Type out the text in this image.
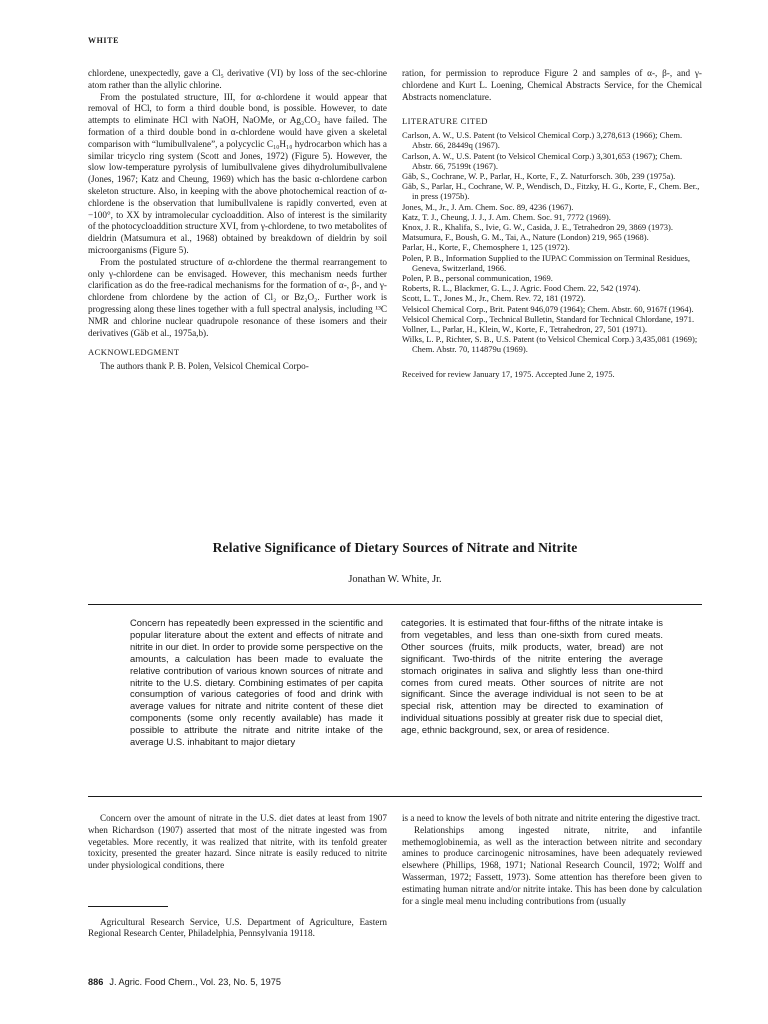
WHITE

chlordene, unexpectedly, gave a Cl₅ derivative (VI) by loss of the sec-chlorine atom rather than the allylic chlorine.

From the postulated structure, III, for α-chlordene it would appear that removal of HCl, to form a third double bond, is possible. However, to date attempts to eliminate HCl with NaOH, NaOMe, or Ag₂CO₃ have failed. The formation of a third double bond in α-chlordene would have given a skeletal comparison with “lumibullvalene”, a polycyclic C₁₀H₁₀ hydrocarbon which has a similar tricyclo ring system (Scott and Jones, 1972) (Figure 5). However, the slow low-temperature pyrolysis of lumibullvalene gives dihydrolumibullvalene (Jones, 1967; Katz and Cheung, 1969) which has the basic α-chlordene carbon skeleton structure. Also, in keeping with the above photochemical reaction of α-chlordene is the observation that lumibullvalene is rapidly converted, even at −100°, to XX by intramolecular cycloaddition. Also of interest is the similarity of the photocycloaddition structure XVI, from γ-chlordene, to two metabolites of dieldrin (Matsumura et al., 1968) obtained by breakdown of dieldrin by soil microorganisms (Figure 5).

From the postulated structure of α-chlordene the thermal rearrangement to only γ-chlordene can be envisaged. However, this mechanism needs further clarification as do the free-radical mechanisms for the formation of α-, β-, and γ-chlordene from chlordene by the action of Cl₂ or Bz₂O₂. Further work is progressing along these lines together with a full spectral analysis, including ¹³C NMR and chlorine nuclear quadrupole resonance of these isomers and their derivatives (Gäb et al., 1975a,b).

ACKNOWLEDGMENT

The authors thank P. B. Polen, Velsicol Chemical Corpo-

ration, for permission to reproduce Figure 2 and samples of α-, β-, and γ-chlordene and Kurt L. Loening, Chemical Abstracts Service, for the Chemical Abstracts nomenclature.

LITERATURE CITED

Carlson, A. W., U.S. Patent (to Velsicol Chemical Corp.) 3,278,613 (1966); Chem. Abstr. 66, 28449q (1967).
Carlson, A. W., U.S. Patent (to Velsicol Chemical Corp.) 3,301,653 (1967); Chem. Abstr. 66, 75199t (1967).
Gäb, S., Cochrane, W. P., Parlar, H., Korte, F., Z. Naturforsch. 30b, 239 (1975a).
Gäb, S., Parlar, H., Cochrane, W. P., Wendisch, D., Fitzky, H. G., Korte, F., Chem. Ber., in press (1975b).
Jones, M., Jr., J. Am. Chem. Soc. 89, 4236 (1967).
Katz, T. J., Cheung, J. J., J. Am. Chem. Soc. 91, 7772 (1969).
Knox, J. R., Khalifa, S., Ivie, G. W., Casida, J. E., Tetrahedron 29, 3869 (1973).
Matsumura, F., Boush, G. M., Tai, A., Nature (London) 219, 965 (1968).
Parlar, H., Korte, F., Chemosphere 1, 125 (1972).
Polen, P. B., Information Supplied to the IUPAC Commission on Terminal Residues, Geneva, Switzerland, 1966.
Polen, P. B., personal communication, 1969.
Roberts, R. L., Blackmer, G. L., J. Agric. Food Chem. 22, 542 (1974).
Scott, L. T., Jones M., Jr., Chem. Rev. 72, 181 (1972).
Velsicol Chemical Corp., Brit. Patent 946,079 (1964); Chem. Abstr. 60, 9167f (1964).
Velsicol Chemical Corp., Technical Bulletin, Standard for Technical Chlordane, 1971.
Vollner, L., Parlar, H., Klein, W., Korte, F., Tetrahedron, 27, 501 (1971).
Wilks, L. P., Richter, S. B., U.S. Patent (to Velsicol Chemical Corp.) 3,435,081 (1969); Chem. Abstr. 70, 114879u (1969).

Received for review January 17, 1975. Accepted June 2, 1975.

Relative Significance of Dietary Sources of Nitrate and Nitrite
Jonathan W. White, Jr.
Concern has repeatedly been expressed in the scientific and popular literature about the extent and effects of nitrate and nitrite in our diet. In order to provide some perspective on the amounts, a calculation has been made to evaluate the relative contribution of various known sources of nitrate and nitrite to the U.S. dietary. Combining estimates of per capita consumption of various categories of food and drink with average values for nitrate and nitrite content of these diet components (some only recently available) has made it possible to attribute the nitrate and nitrite intake of the average U.S. inhabitant to major dietary
categories. It is estimated that four-fifths of the nitrate intake is from vegetables, and less than one-sixth from cured meats. Other sources (fruits, milk products, water, bread) are not significant. Two-thirds of the nitrite entering the average stomach originates in saliva and slightly less than one-third comes from cured meats. Other sources of nitrite are not significant. Since the average individual is not seen to be at special risk, attention may be directed to examination of individual situations possibly at greater risk due to special diet, age, ethnic background, sex, or area of residence.

Concern over the amount of nitrate in the U.S. diet dates at least from 1907 when Richardson (1907) asserted that most of the nitrate ingested was from vegetables. More recently, it was realized that nitrite, with its tenfold greater toxicity, presented the greater hazard. Since nitrate is easily reduced to nitrite under physiological conditions, there

Agricultural Research Service, U.S. Department of Agriculture, Eastern Regional Research Center, Philadelphia, Pennsylvania 19118.

is a need to know the levels of both nitrate and nitrite entering the digestive tract.

Relationships among ingested nitrate, nitrite, and infantile methemoglobinemia, as well as the interaction between nitrite and secondary amines to produce carcinogenic nitrosamines, have been adequately reviewed elsewhere (Phillips, 1968, 1971; National Research Council, 1972; Wolff and Wasserman, 1972; Fassett, 1973). Some attention has therefore been given to estimating human nitrate and/or nitrite intake. This has been done by calculation for a single meal menu including contributions from (usually

886 J. Agric. Food Chem., Vol. 23, No. 5, 1975
